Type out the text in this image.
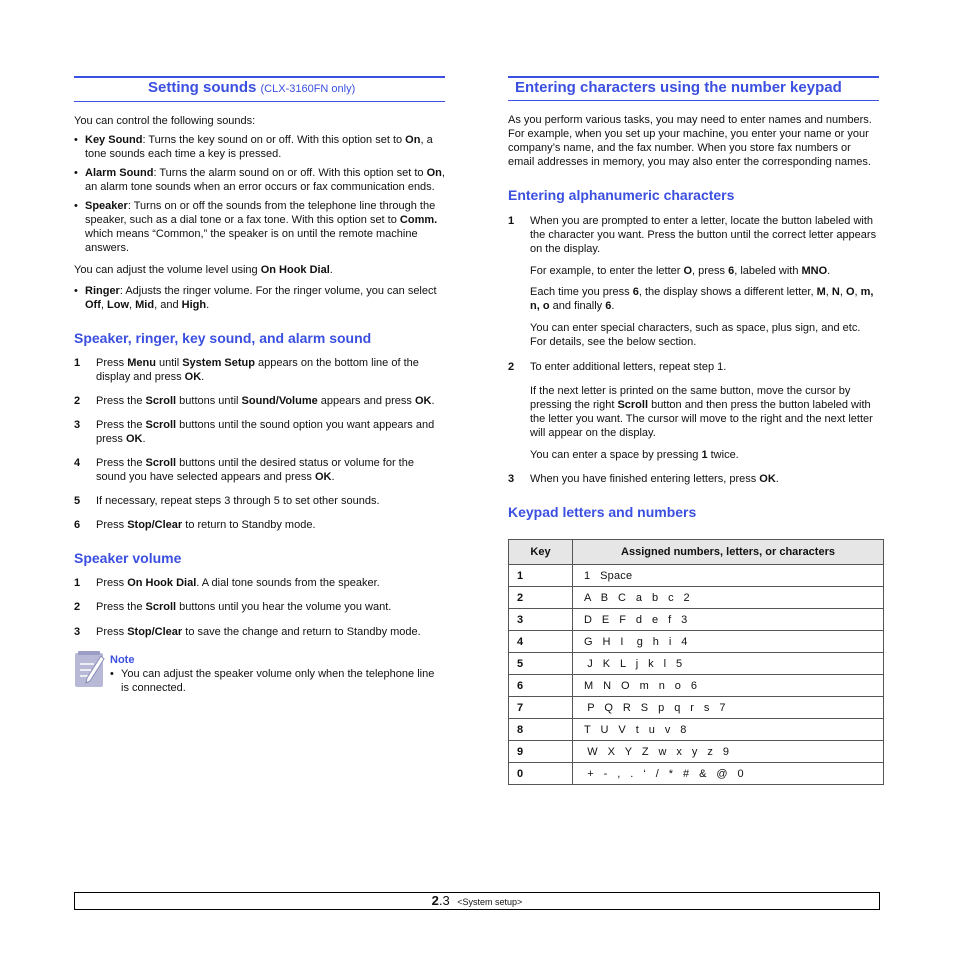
Setting sounds (CLX-3160FN only)

You can control the following sounds:

• Key Sound: Turns the key sound on or off. With this option set to On, a tone sounds each time a key is pressed.
• Alarm Sound: Turns the alarm sound on or off. With this option set to On, an alarm tone sounds when an error occurs or fax communication ends.
• Speaker: Turns on or off the sounds from the telephone line through the speaker, such as a dial tone or a fax tone. With this option set to Comm. which means “Common,” the speaker is on until the remote machine answers.

You can adjust the volume level using On Hook Dial.

• Ringer: Adjusts the ringer volume. For the ringer volume, you can select Off, Low, Mid, and High.
Speaker, ringer, key sound, and alarm sound
1	Press Menu until System Setup appears on the bottom line of the display and press OK.
2	Press the Scroll buttons until Sound/Volume appears and press OK.
3	Press the Scroll buttons until the sound option you want appears and press OK.
4	Press the Scroll buttons until the desired status or volume for the sound you have selected appears and press OK.
5	If necessary, repeat steps 3 through 5 to set other sounds.
6	Press Stop/Clear to return to Standby mode.
Speaker volume
1	Press On Hook Dial. A dial tone sounds from the speaker.
2	Press the Scroll buttons until you hear the volume you want.
3	Press Stop/Clear to save the change and return to Standby mode.
Note
• You can adjust the speaker volume only when the telephone line is connected.
Entering characters using the number keypad

As you perform various tasks, you may need to enter names and numbers. For example, when you set up your machine, you enter your name or your company’s name, and the fax number. When you store fax numbers or email addresses in memory, you may also enter the corresponding names.

Entering alphanumeric characters
1	When you are prompted to enter a letter, locate the button labeled with the character you want. Press the button until the correct letter appears on the display.

For example, to enter the letter O, press 6, labeled with MNO.

Each time you press 6, the display shows a different letter, M, N, O, m, n, o and finally 6.

You can enter special characters, such as space, plus sign, and etc. For details, see the below section.

2	To enter additional letters, repeat step 1.

If the next letter is printed on the same button, move the cursor by pressing the right Scroll button and then press the button labeled with the letter you want. The cursor will move to the right and the next letter will appear on the display.

You can enter a space by pressing 1 twice.

3	When you have finished entering letters, press OK.
Keypad letters and numbers
Key	Assigned numbers, letters, or characters
1	1   Space
2	A   B   C   a   b   c   2
3	D   E   F   d   e   f   3
4	G   H   I    g   h   i   4
5	J   K   L   j   k   l   5
6	M   N   O   m   n   o   6
7	P   Q   R   S   p   q   r   s   7
8	T   U   V   t   u   v   8
9	W   X   Y   Z   w   x   y   z   9
0	+   -   ,   .   ‘   /   *   #   &   @   0
2.3 <System setup>
